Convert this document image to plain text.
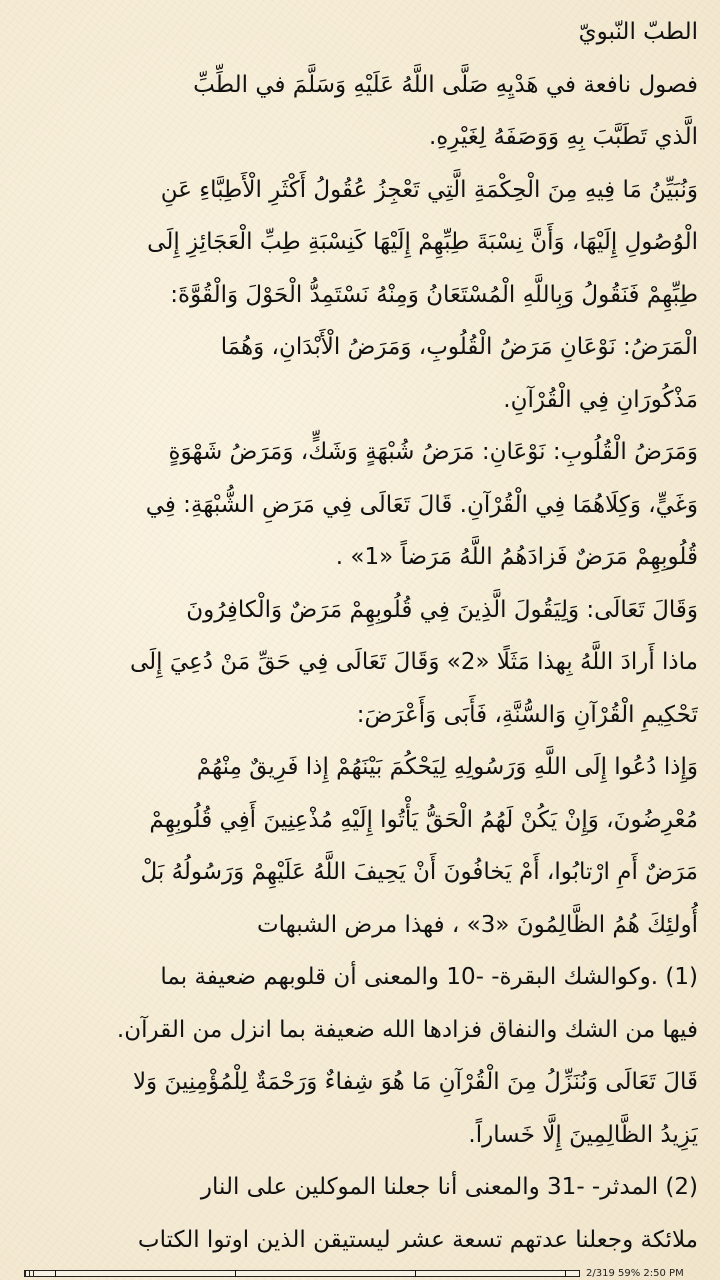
الطبّ النّبويّ
فصول نافعة في هَدْيِهِ صَلَّى اللَّهُ عَلَيْهِ وَسَلَّمَ في الطِّبِّ
الَّذي تَطَبَّبَ بِهِ وَوَصَفَهُ لِغَيْرِهِ.
وَنُبَيِّنُ مَا فِيهِ مِنَ الْحِكْمَةِ الَّتِي تَعْجِزُ عُقُولُ أَكْثَرِ الْأَطِبَّاءِ عَنِ
الْوُصُولِ إِلَيْهَا، وَأَنَّ نِسْبَةَ طِبِّهِمْ إِلَيْهَا كَنِسْبَةِ طِبِّ الْعَجَائِزِ إِلَى
طِبِّهِمْ فَنَقُولُ وَبِاللَّهِ الْمُسْتَعَانُ وَمِنْهُ نَسْتَمِدُّ الْحَوْلَ وَالْقُوَّةَ:
الْمَرَضُ: نَوْعَانِ مَرَضُ الْقُلُوبِ، وَمَرَضُ الْأَبْدَانِ، وَهُمَا
مَذْكُورَانِ فِي الْقُرْآنِ.
وَمَرَضُ الْقُلُوبِ: نَوْعَانِ: مَرَضُ شُبْهَةٍ وَشَكٍّ، وَمَرَضُ شَهْوَةٍ
وَغَيٍّ، وَكِلَاهُمَا فِي الْقُرْآنِ. قَالَ تَعَالَى فِي مَرَضِ الشُّبْهَةِ: فِي
قُلُوبِهِمْ مَرَضٌ فَزادَهُمُ اللَّهُ مَرَضاً «1» .
وَقَالَ تَعَالَى: وَلِيَقُولَ الَّذِينَ فِي قُلُوبِهِمْ مَرَضٌ وَالْكافِرُونَ
ماذا أَرادَ اللَّهُ بِهذا مَثَلًا «2» وَقَالَ تَعَالَى فِي حَقِّ مَنْ دُعِيَ إِلَى
تَحْكِيمِ الْقُرْآنِ وَالسُّنَّةِ، فَأَبَى وَأَعْرَضَ:
وَإِذا دُعُوا إِلَى اللَّهِ وَرَسُولِهِ لِيَحْكُمَ بَيْنَهُمْ إِذا فَرِيقٌ مِنْهُمْ
مُعْرِضُونَ، وَإِنْ يَكُنْ لَهُمُ الْحَقُّ يَأْتُوا إِلَيْهِ مُذْعِنِينَ أَفِي قُلُوبِهِمْ
مَرَضٌ أَمِ ارْتابُوا، أَمْ يَخافُونَ أَنْ يَحِيفَ اللَّهُ عَلَيْهِمْ وَرَسُولُهُ بَلْ
أُولئِكَ هُمُ الظَّالِمُونَ «3» ، فهذا مرض الشبهات
(1) .وكوالشك البقرة- -10 والمعنى أن قلوبهم ضعيفة بما
فيها من الشك والنفاق فزادها الله ضعيفة بما انزل من القرآن.
قَالَ تَعَالَى وَنُنَزِّلُ مِنَ الْقُرْآنِ مَا هُوَ شِفاءٌ وَرَحْمَةٌ لِلْمُؤْمِنِينَ وَلا
يَزِيدُ الظَّالِمِينَ إِلَّا خَساراً.
(2) المدثر- -31 والمعنى أنا جعلنا الموكلين على النار
ملائكة وجعلنا عدتهم تسعة عشر ليستيقن الذين اوتوا الكتاب
2/319 59% 2:50 PM
